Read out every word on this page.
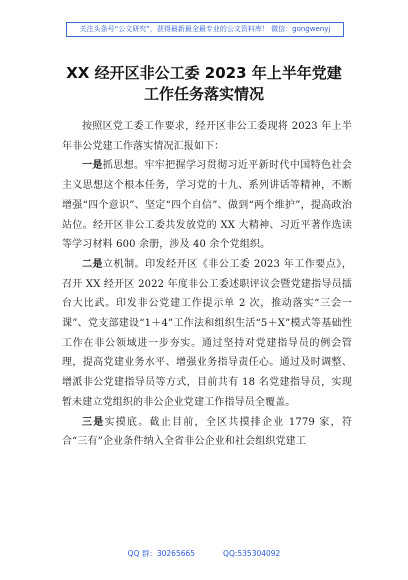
关注头条号“公文研究”，获得最新最全最专业的公文资料库！ 微信：gongwenyj
XX 经开区非公工委 2023 年上半年党建
工作任务落实情况

按照区党工委工作要求，经开区非公工委现将 2023 年上半年非公党建工作落实情况汇报如下：

一是抓思想。牢牢把握学习贯彻习近平新时代中国特色社会主义思想这个根本任务，学习党的十九、系列讲话等精神，不断增强“四个意识”、坚定“四个自信”、做到“两个维护”，提高政治站位。经开区非公工委共发放党的 XX 大精神、习近平著作选读等学习材料 600 余册，涉及 40 余个党组织。

二是立机制。印发经开区《非公工委 2023 年工作要点》，召开 XX 经开区 2022 年度非公工委述职评议会暨党建指导员擂台大比武。印发非公党建工作提示单 2 次，推动落实“三会一课”、党支部建设“1＋4”工作法和组织生活“5＋X”模式等基础性工作在非公领域进一步夯实。通过坚持对党建指导员的例会管理，提高党建业务水平、增强业务指导责任心。通过及时调整、增派非公党建指导员等方式，目前共有 18 名党建指导员，实现暂未建立党组织的非公企业党建工作指导员全覆盖。

三是实摸底。截止目前，全区共摸排企业 1779 家，符合“三有”企业条件纳入全省非公企业和社会组织党建工

QQ 群：30265665	QQ:535304092
